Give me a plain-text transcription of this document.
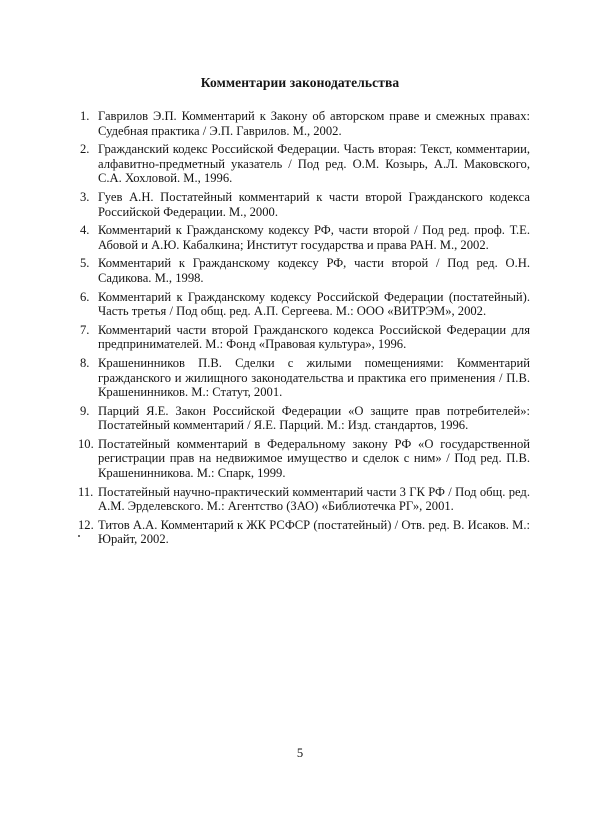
Комментарии законодательства
1. Гаврилов Э.П. Комментарий к Закону об авторском праве и смежных правах: Судебная практика / Э.П. Гаврилов. М., 2002.
2. Гражданский кодекс Российской Федерации. Часть вторая: Текст, комментарии, алфавитно-предметный указатель / Под ред. О.М. Козырь, А.Л. Маковского, С.А. Хохловой. М., 1996.
3. Гуев А.Н. Постатейный комментарий к части второй Гражданского кодекса Российской Федерации. М., 2000.
4. Комментарий к Гражданскому кодексу РФ, части второй / Под ред. проф. Т.Е. Абовой и А.Ю. Кабалкина; Институт государства и права РАН. М., 2002.
5. Комментарий к Гражданскому кодексу РФ, части второй / Под ред. О.Н. Садикова. М., 1998.
6. Комментарий к Гражданскому кодексу Российской Федерации (постатейный). Часть третья / Под общ. ред. А.П. Сергеева. М.: ООО «ВИТРЭМ», 2002.
7. Комментарий части второй Гражданского кодекса Российской Федерации для предпринимателей. М.: Фонд «Правовая культура», 1996.
8. Крашенинников П.В. Сделки с жилыми помещениями: Комментарий гражданского и жилищного законодательства и практика его применения / П.В. Крашенинников. М.: Статут, 2001.
9. Парций Я.Е. Закон Российской Федерации «О защите прав потребителей»: Постатейный комментарий / Я.Е. Парций. М.: Изд. стандартов, 1996.
10. Постатейный комментарий в Федеральному закону РФ «О государственной регистрации прав на недвижимое имущество и сделок с ним» / Под ред. П.В. Крашенинникова. М.: Спарк, 1999.
11. Постатейный научно-практический комментарий части 3 ГК РФ / Под общ. ред. А.М. Эрделевского. М.: Агентство (ЗАО) «Библиотечка РГ», 2001.
12. Титов А.А. Комментарий к ЖК РСФСР (постатейный) / Отв. ред. В. Исаков. М.: Юрайт, 2002.
5
